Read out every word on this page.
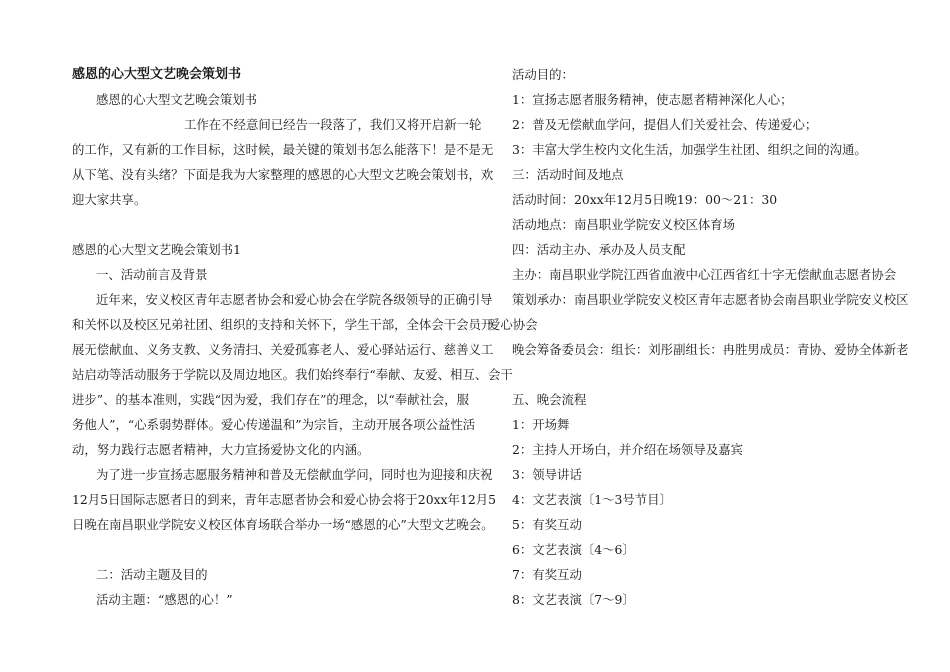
感恩的心大型文艺晚会策划书
感恩的心大型文艺晚会策划书
工作在不经意间已经告一段落了，我们又将开启新一轮
的工作，又有新的工作目标，这时候，最关键的策划书怎么能落下！是不是无
从下笔、没有头绪？下面是我为大家整理的感恩的心大型文艺晚会策划书，欢
迎大家共享。
感恩的心大型文艺晚会策划书1
一、活动前言及背景
近年来，安义校区青年志愿者协会和爱心协会在学院各级领导的正确引导
和关怀以及校区兄弟社团、组织的支持和关怀下，学生干部，全体会干会员开
展无偿献血、义务支教、义务清扫、关爱孤寡老人、爱心驿站运行、慈善义工
站启动等活动服务于学院以及周边地区。我们始终奉行“奉献、友爱、相互、
进步”、的基本准则，实践“因为爱，我们存在”的理念，以“奉献社会，服
务他人”，“心系弱势群体。爱心传递温和”为宗旨，主动开展各项公益性活
动，努力践行志愿者精神，大力宣扬爱协文化的内涵。
为了进一步宣扬志愿服务精神和普及无偿献血学问，同时也为迎接和庆祝
12月5日国际志愿者日的到来，青年志愿者协会和爱心协会将于20xx年12月5
日晚在南昌职业学院安义校区体育场联合举办一场“感恩的心”大型文艺晚会。
二：活动主题及目的
活动主题：“感恩的心！”
活动目的：
1：宣扬志愿者服务精神，使志愿者精神深化人心；
2：普及无偿献血学问，提倡人们关爱社会、传递爱心；
3：丰富大学生校内文化生活，加强学生社团、组织之间的沟通。
三：活动时间及地点
活动时间：20xx年12月5日晚19：00～21：30
活动地点：南昌职业学院安义校区体育场
四：活动主办、承办及人员支配
主办：南昌职业学院江西省血液中心江西省红十字无偿献血志愿者协会
策划承办：南昌职业学院安义校区青年志愿者协会南昌职业学院安义校区
爱心协会
晚会筹备委员会：组长：刘彤副组长：冉胜男成员：青协、爱协全体新老
会干
五、晚会流程
1：开场舞
2：主持人开场白，并介绍在场领导及嘉宾
3：领导讲话
4：文艺表演〔1～3号节目〕
5：有奖互动
6：文艺表演〔4～6〕
7：有奖互动
8：文艺表演〔7～9〕
